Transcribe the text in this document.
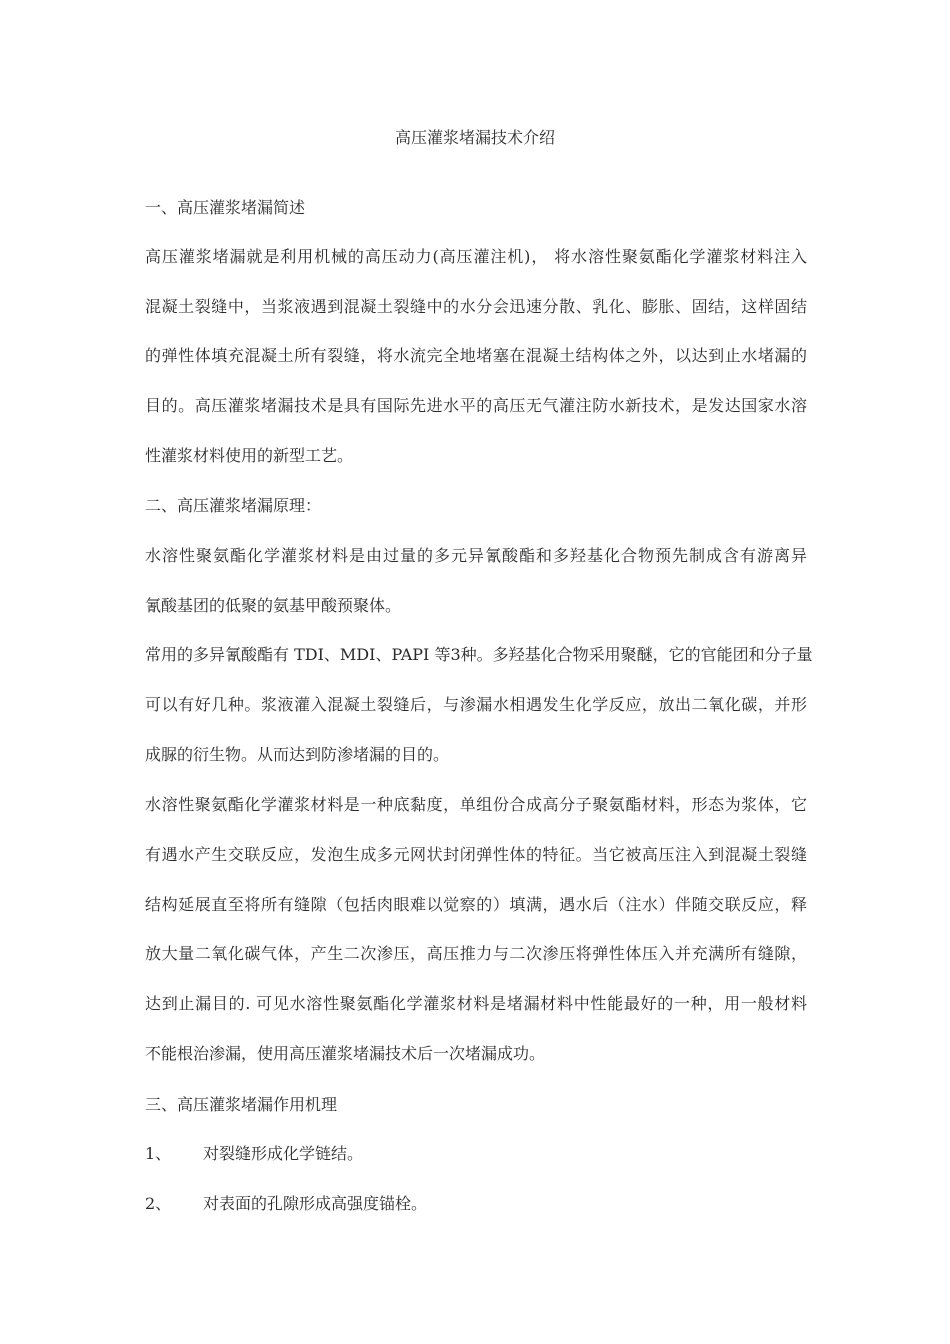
高压灌浆堵漏技术介绍
一、高压灌浆堵漏简述
高压灌浆堵漏就是利用机械的高压动力(高压灌注机)， 将水溶性聚氨酯化学灌浆材料注入
混凝土裂缝中，当浆液遇到混凝土裂缝中的水分会迅速分散、乳化、膨胀、固结，这样固结
的弹性体填充混凝土所有裂缝，将水流完全地堵塞在混凝土结构体之外，以达到止水堵漏的
目的。高压灌浆堵漏技术是具有国际先进水平的高压无气灌注防水新技术，是发达国家水溶
性灌浆材料使用的新型工艺。
二、高压灌浆堵漏原理：
水溶性聚氨酯化学灌浆材料是由过量的多元异氰酸酯和多羟基化合物预先制成含有游离异
氰酸基团的低聚的氨基甲酸预聚体。
常用的多异氰酸酯有 TDI、MDI、PAPI 等3种。多羟基化合物采用聚醚，它的官能团和分子量
可以有好几种。浆液灌入混凝土裂缝后，与渗漏水相遇发生化学反应，放出二氧化碳，并形
成脲的衍生物。从而达到防渗堵漏的目的。
水溶性聚氨酯化学灌浆材料是一种底黏度，单组份合成高分子聚氨酯材料，形态为浆体，它
有遇水产生交联反应，发泡生成多元网状封闭弹性体的特征。当它被高压注入到混凝土裂缝
结构延展直至将所有缝隙（包括肉眼难以觉察的）填满，遇水后（注水）伴随交联反应，释
放大量二氧化碳气体，产生二次渗压，高压推力与二次渗压将弹性体压入并充满所有缝隙，
达到止漏目的. 可见水溶性聚氨酯化学灌浆材料是堵漏材料中性能最好的一种，用一般材料
不能根治渗漏，使用高压灌浆堵漏技术后一次堵漏成功。
三、高压灌浆堵漏作用机理
1、 对裂缝形成化学链结。
2、 对表面的孔隙形成高强度锚栓。
